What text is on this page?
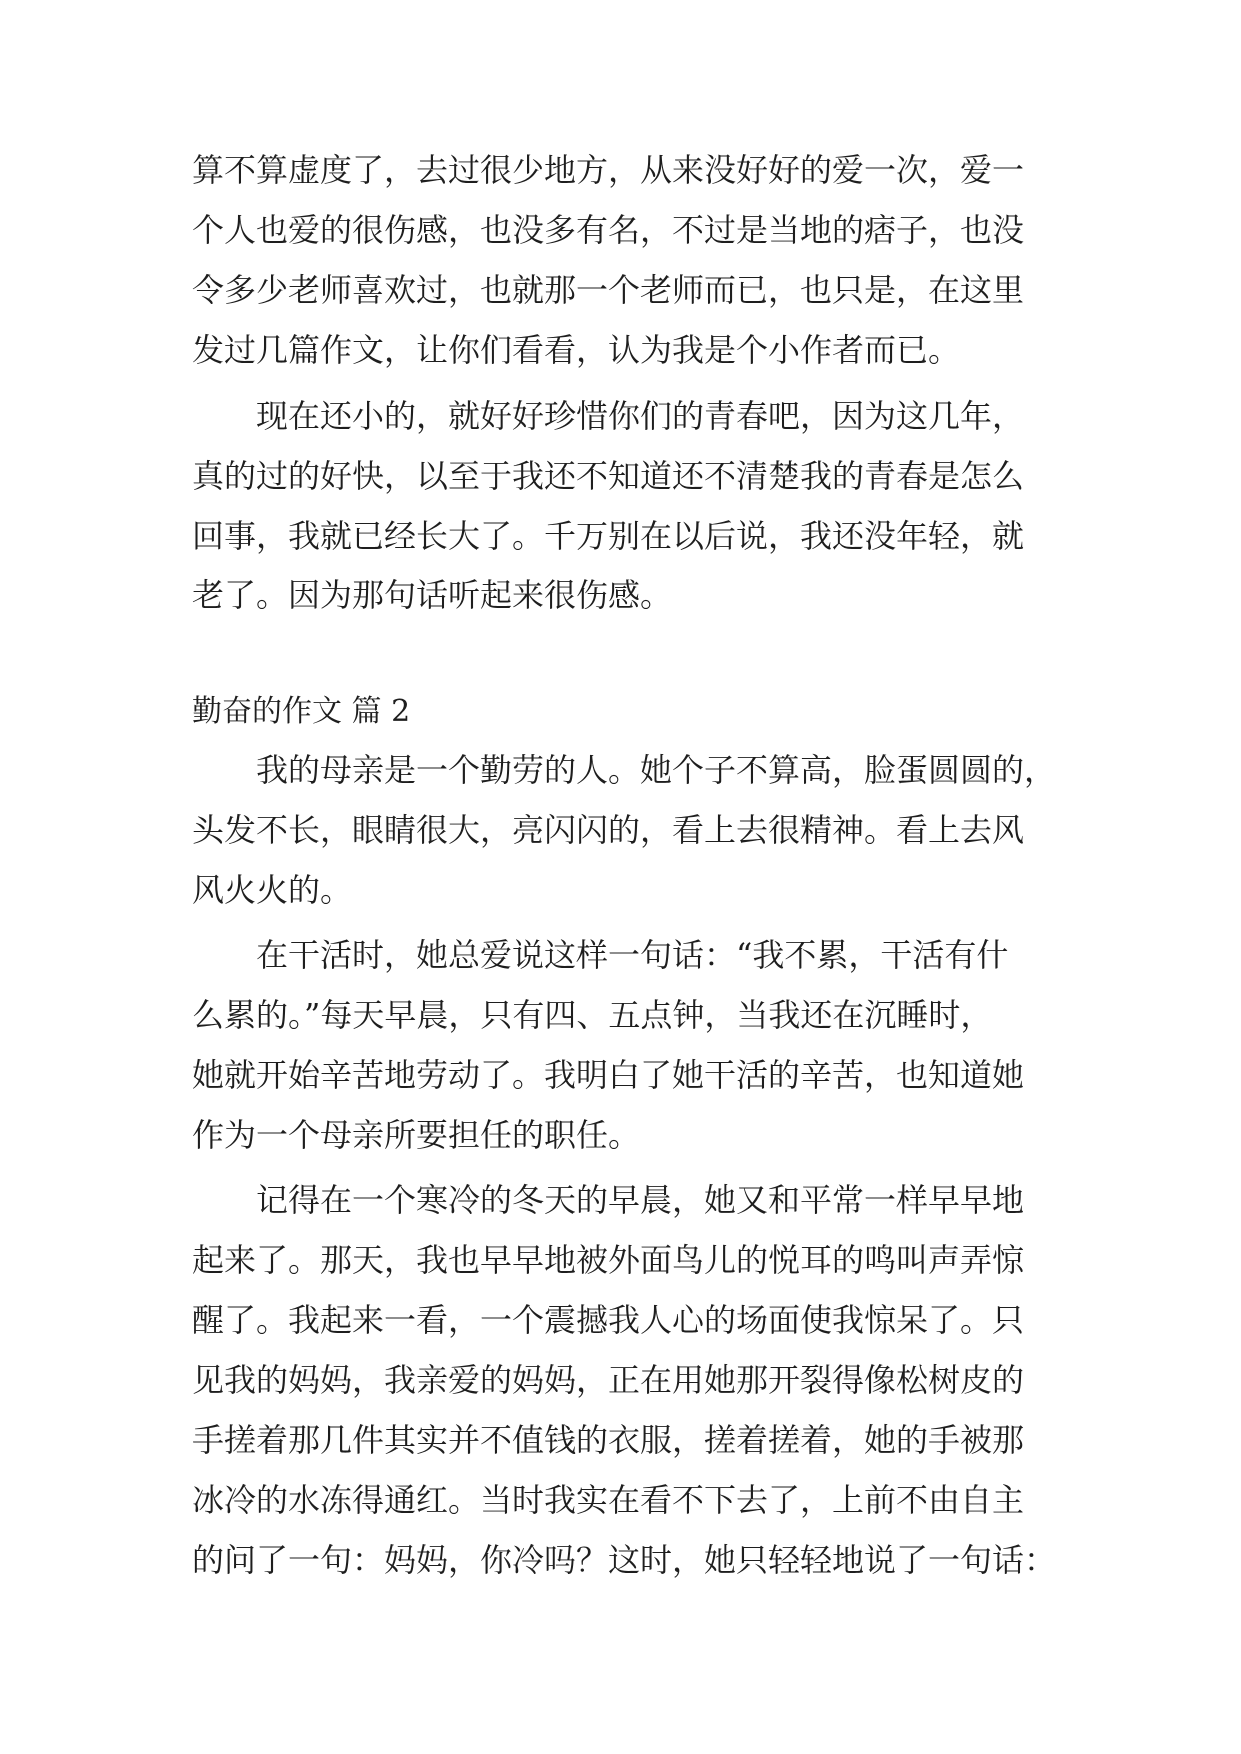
算不算虚度了，去过很少地方，从来没好好的爱一次，爱一
个人也爱的很伤感，也没多有名，不过是当地的痞子，也没
令多少老师喜欢过，也就那一个老师而已，也只是，在这里
发过几篇作文，让你们看看，认为我是个小作者而已。
现在还小的，就好好珍惜你们的青春吧，因为这几年，
真的过的好快，以至于我还不知道还不清楚我的青春是怎么
回事，我就已经长大了。千万别在以后说，我还没年轻，就
老了。因为那句话听起来很伤感。
勤奋的作文 篇 2
我的母亲是一个勤劳的人。她个子不算高，脸蛋圆圆的，
头发不长，眼睛很大，亮闪闪的，看上去很精神。看上去风
风火火的。
在干活时，她总爱说这样一句话：“我不累，干活有什
么累的。”每天早晨，只有四、五点钟，当我还在沉睡时，
她就开始辛苦地劳动了。我明白了她干活的辛苦，也知道她
作为一个母亲所要担任的职任。
记得在一个寒冷的冬天的早晨，她又和平常一样早早地
起来了。那天，我也早早地被外面鸟儿的悦耳的鸣叫声弄惊
醒了。我起来一看，一个震撼我人心的场面使我惊呆了。只
见我的妈妈，我亲爱的妈妈，正在用她那开裂得像松树皮的
手搓着那几件其实并不值钱的衣服，搓着搓着，她的手被那
冰冷的水冻得通红。当时我实在看不下去了，上前不由自主
的问了一句：妈妈，你冷吗？这时，她只轻轻地说了一句话：
